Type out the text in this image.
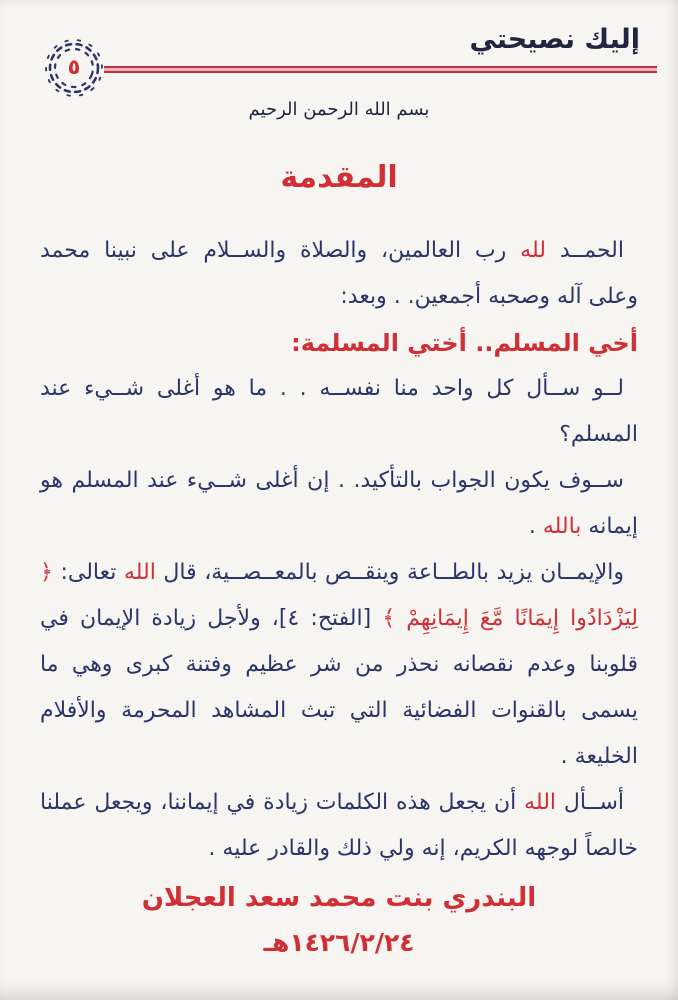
إليك نصيحتي
٥
بسم الله الرحمن الرحيم
المقدمة

الحمــد لله رب العالمين، والصلاة والســلام على نبينا محمد وعلى آله وصحبه أجمعين. . وبعد:

أخي المسلم.. أختي المسلمة:

لــو ســأل كل واحد منا نفســه . . ما هو أغلى شــيء عند المسلم؟

ســوف يكون الجواب بالتأكيد. . إن أغلى شــيء عند المسلم هو إيمانه بالله .

والإيمــان يزيد بالطــاعة وينقــص بالمعــصــية، قال الله تعالى: ﴿ لِيَزْدَادُوا إِيمَانًا مَّعَ إِيمَانِهِمْ ﴾ [الفتح: ٤]، ولأجل زيادة الإيمان في قلوبنا وعدم نقصانه نحذر من شر عظيم وفتنة كبرى وهي ما يسمى بالقنوات الفضائية التي تبث المشاهد المحرمة والأفلام الخليعة .

أســأل الله أن يجعل هذه الكلمات زيادة في إيماننا، ويجعل عملنا خالصاً لوجهه الكريم، إنه ولي ذلك والقادر عليه .

البندري بنت محمد سعد العجلان
١٤٢٦/٢/٢٤هـ
